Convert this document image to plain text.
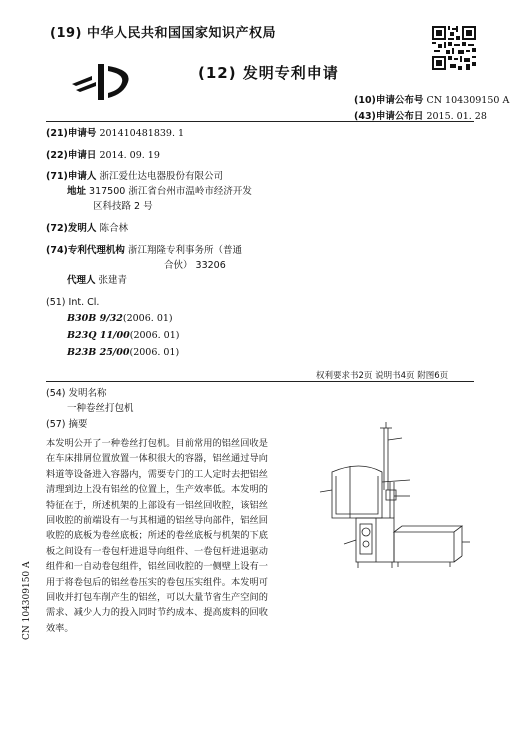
(19) 中华人民共和国国家知识产权局
(12) 发明专利申请
(10)申请公布号 CN 104309150 A
(43)申请公布日 2015. 01. 28
(21)申请号 201410481839. 1
(22)申请日 2014. 09. 19
(71)申请人 浙江爱仕达电器股份有限公司
地址 317500 浙江省台州市温岭市经济开发
区科技路 2 号
(72)发明人 陈合林
(74)专利代理机构 浙江翔隆专利事务所（普通
合伙） 33206
代理人 张建青
(51) Int. Cl.
B30B 9/32(2006. 01)
B23Q 11/00(2006. 01)
B23B 25/00(2006. 01)
权利要求书2页 说明书4页 附图6页
(54) 发明名称
一种卷丝打包机
(57) 摘要
本发明公开了一种卷丝打包机。目前常用的铝丝回收是在车床排屑位置放置一体积很大的容器，铝丝通过导向料道等设备进入容器内，需要专门的工人定时去把铝丝清理到边上没有铝丝的位置上，生产效率低。本发明的特征在于，所述机架的上部设有一铝丝回收腔，该铝丝回收腔的前端设有一与其相通的铝丝导向部件，铝丝回收腔的底板为卷丝底板；所述的卷丝底板与机架的下底板之间设有一卷包杆进退导向组件、一卷包杆进退驱动组件和一自动卷包组件，铝丝回收腔的一侧壁上设有一用于将卷包后的铝丝卷压实的卷包压实组件。本发明可回收并打包车削产生的铝丝，可以大量节省生产空间的需求、减少人力的投入同时节约成本、提高废料的回收效率。
CN 104309150 A
